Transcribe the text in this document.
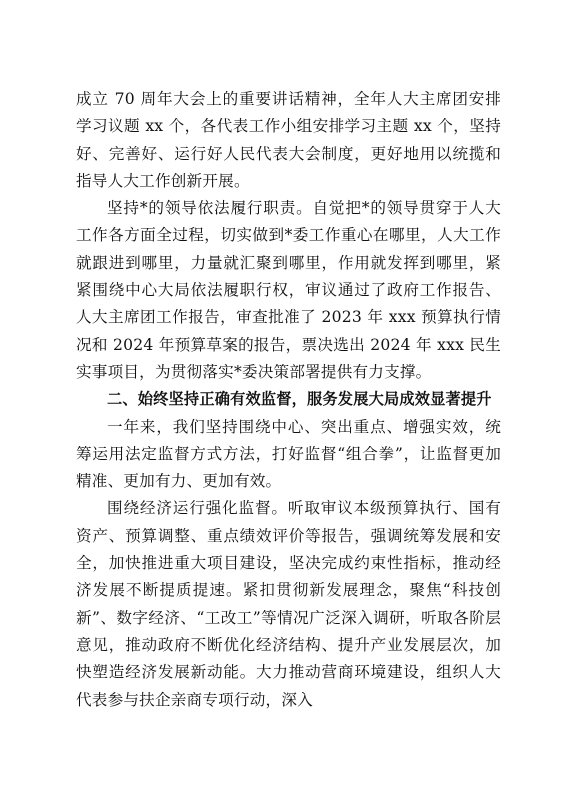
成立 70 周年大会上的重要讲话精神，全年人大主席团安排学习议题 xx 个，各代表工作小组安排学习主题 xx 个，坚持好、完善好、运行好人民代表大会制度，更好地用以统揽和指导人大工作创新开展。

坚持*的领导依法履行职责。自觉把*的领导贯穿于人大工作各方面全过程，切实做到*委工作重心在哪里，人大工作就跟进到哪里，力量就汇聚到哪里，作用就发挥到哪里，紧紧围绕中心大局依法履职行权，审议通过了政府工作报告、人大主席团工作报告，审查批准了 2023 年 xxx 预算执行情况和 2024 年预算草案的报告，票决选出 2024 年 xxx 民生实事项目，为贯彻落实*委决策部署提供有力支撑。

二、始终坚持正确有效监督，服务发展大局成效显著提升

一年来，我们坚持围绕中心、突出重点、增强实效，统筹运用法定监督方式方法，打好监督“组合拳”，让监督更加精准、更加有力、更加有效。

围绕经济运行强化监督。听取审议本级预算执行、国有资产、预算调整、重点绩效评价等报告，强调统筹发展和安全，加快推进重大项目建设，坚决完成约束性指标，推动经济发展不断提质提速。紧扣贯彻新发展理念，聚焦“科技创新”、数字经济、“工改工”等情况广泛深入调研，听取各阶层意见，推动政府不断优化经济结构、提升产业发展层次，加快塑造经济发展新动能。大力推动营商环境建设，组织人大代表参与扶企亲商专项行动，深入
